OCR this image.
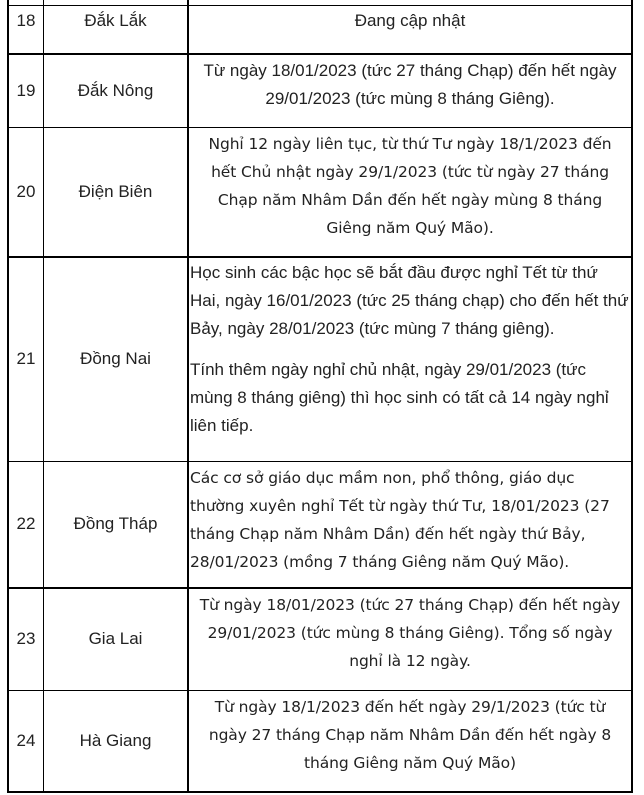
18	Đắk Lắk	Đang cập nhật

19	Đắk Nông	Từ ngày 18/01/2023 (tức 27 tháng Chạp) đến hết ngày 29/01/2023 (tức mùng 8 tháng Giêng).

20	Điện Biên	Nghỉ 12 ngày liên tục, từ thứ Tư ngày 18/1/2023 đến hết Chủ nhật ngày 29/1/2023 (tức từ ngày 27 tháng Chạp năm Nhâm Dần đến hết ngày mùng 8 tháng Giêng năm Quý Mão).

21	Đồng Nai	Học sinh các bậc học sẽ bắt đầu được nghỉ Tết từ thứ Hai, ngày 16/01/2023 (tức 25 tháng chạp) cho đến hết thứ Bảy, ngày 28/01/2023 (tức mùng 7 tháng giêng).

Tính thêm ngày nghỉ chủ nhật, ngày 29/01/2023 (tức mùng 8 tháng giêng) thì học sinh có tất cả 14 ngày nghỉ liên tiếp.

22	Đồng Tháp	Các cơ sở giáo dục mầm non, phổ thông, giáo dục thường xuyên nghỉ Tết từ ngày thứ Tư, 18/01/2023 (27 tháng Chạp năm Nhâm Dần) đến hết ngày thứ Bảy, 28/01/2023 (mồng 7 tháng Giêng năm Quý Mão).

23	Gia Lai	Từ ngày 18/01/2023 (tức 27 tháng Chạp) đến hết ngày 29/01/2023 (tức mùng 8 tháng Giêng). Tổng số ngày nghỉ là 12 ngày.

24	Hà Giang	Từ ngày 18/1/2023 đến hết ngày 29/1/2023 (tức từ ngày 27 tháng Chạp năm Nhâm Dần đến hết ngày 8 tháng Giêng năm Quý Mão)
